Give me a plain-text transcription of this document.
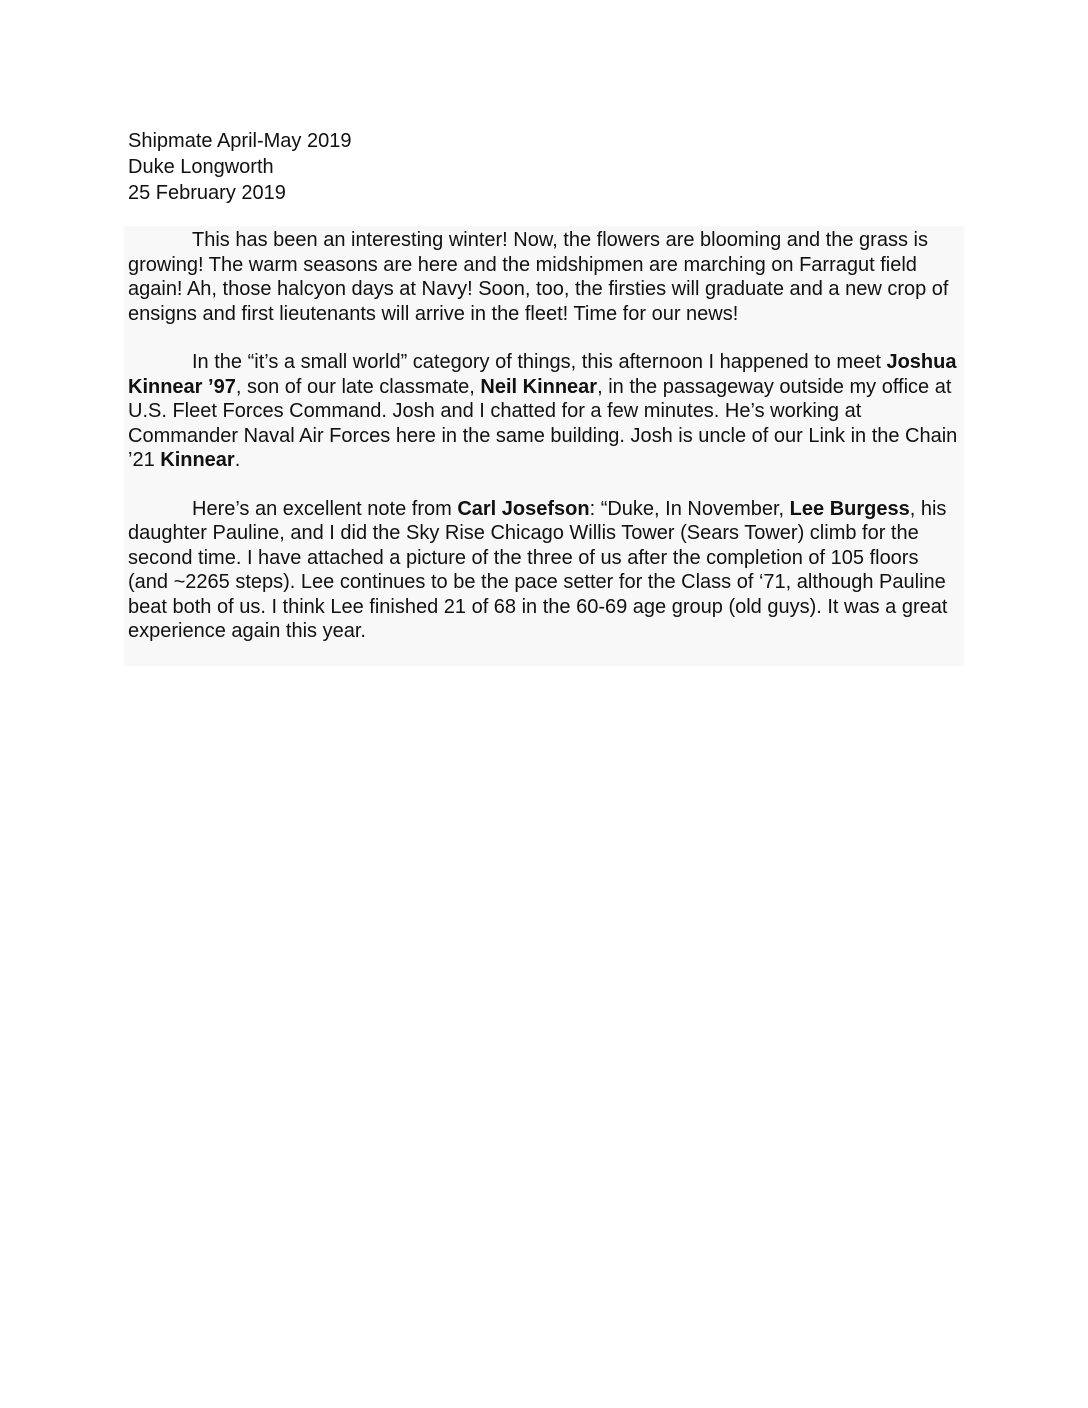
Shipmate April-May 2019
Duke Longworth
25 February 2019

This has been an interesting winter! Now, the flowers are blooming and the grass is growing! The warm seasons are here and the midshipmen are marching on Farragut field again! Ah, those halcyon days at Navy! Soon, too, the firsties will graduate and a new crop of ensigns and first lieutenants will arrive in the fleet! Time for our news!

In the “it’s a small world” category of things, this afternoon I happened to meet Joshua Kinnear ’97, son of our late classmate, Neil Kinnear, in the passageway outside my office at U.S. Fleet Forces Command. Josh and I chatted for a few minutes. He’s working at Commander Naval Air Forces here in the same building. Josh is uncle of our Link in the Chain ’21 Kinnear.

Here’s an excellent note from Carl Josefson: “Duke, In November, Lee Burgess, his daughter Pauline, and I did the Sky Rise Chicago Willis Tower (Sears Tower) climb for the second time. I have attached a picture of the three of us after the completion of 105 floors (and ~2265 steps). Lee continues to be the pace setter for the Class of ‘71, although Pauline beat both of us. I think Lee finished 21 of 68 in the 60-69 age group (old guys). It was a great experience again this year.
